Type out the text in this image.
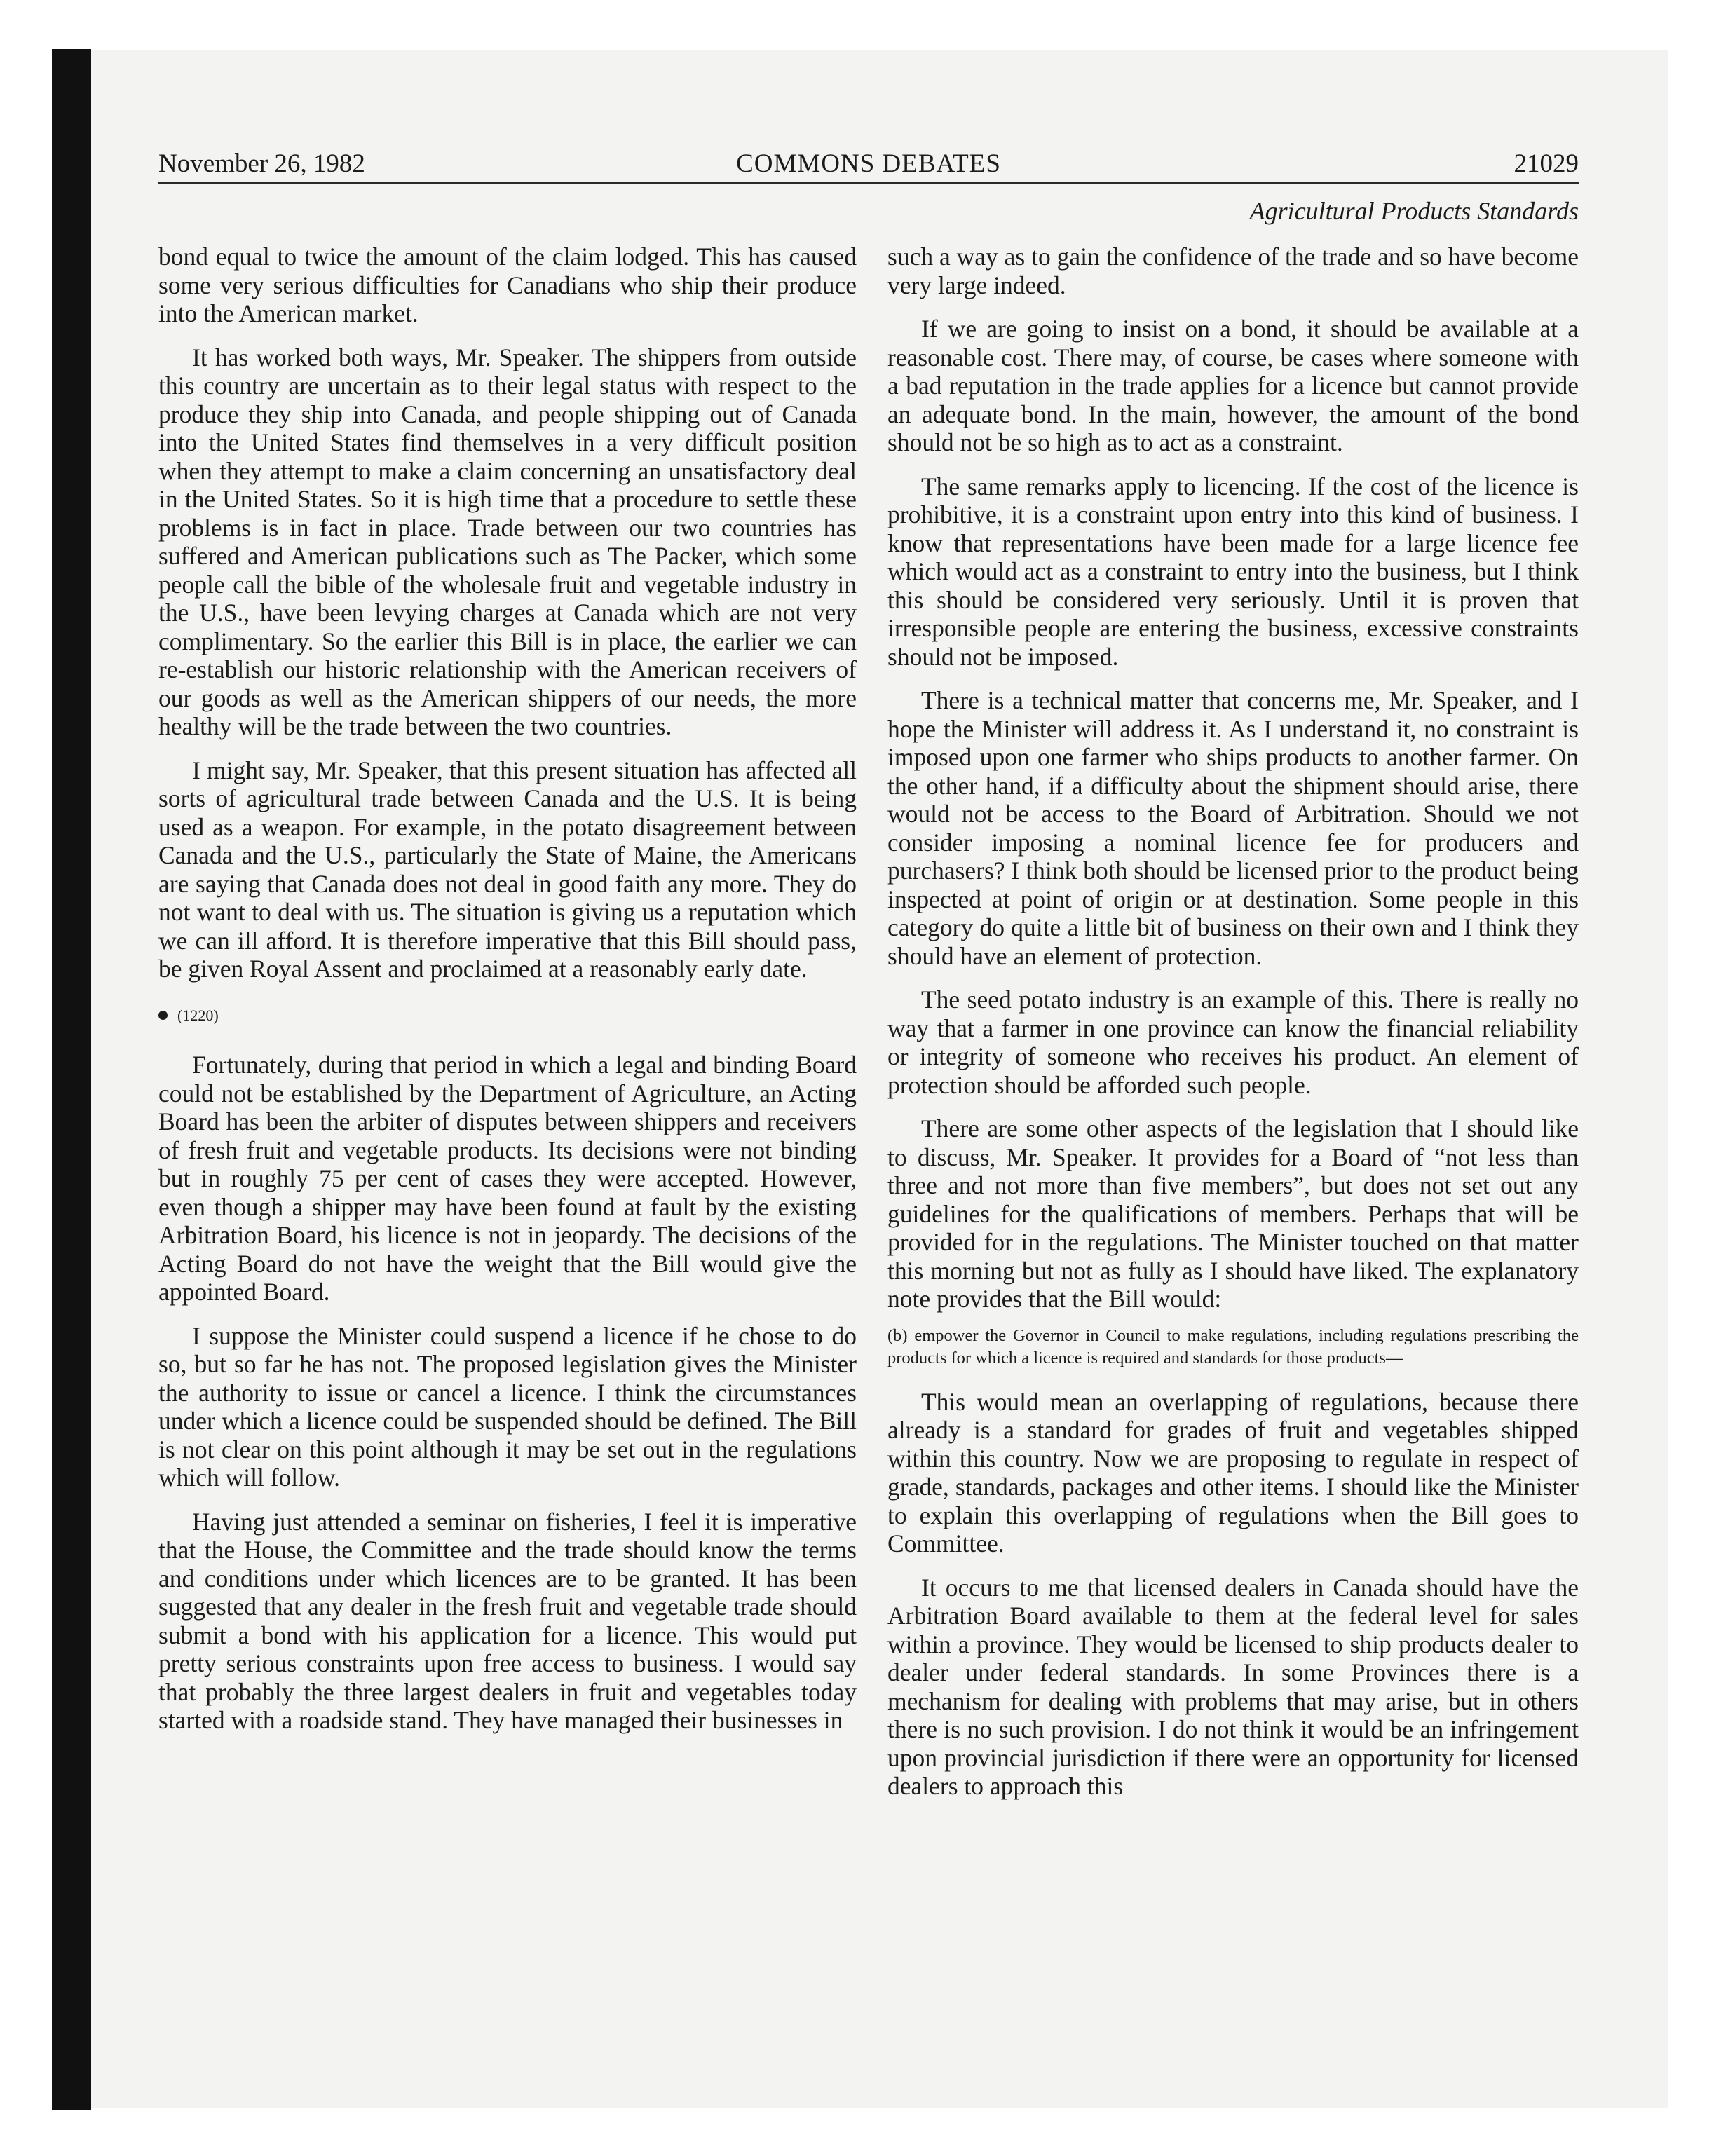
November 26, 1982	COMMONS DEBATES	21029
Agricultural Products Standards

bond equal to twice the amount of the claim lodged. This has caused some very serious difficulties for Canadians who ship their produce into the American market.

It has worked both ways, Mr. Speaker. The shippers from outside this country are uncertain as to their legal status with respect to the produce they ship into Canada, and people shipping out of Canada into the United States find themselves in a very difficult position when they attempt to make a claim concerning an unsatisfactory deal in the United States. So it is high time that a procedure to settle these problems is in fact in place. Trade between our two countries has suffered and American publications such as The Packer, which some people call the bible of the wholesale fruit and vegetable industry in the U.S., have been levying charges at Canada which are not very complimentary. So the earlier this Bill is in place, the earlier we can re-establish our historic relationship with the American receivers of our goods as well as the American shippers of our needs, the more healthy will be the trade between the two countries.

I might say, Mr. Speaker, that this present situation has affected all sorts of agricultural trade between Canada and the U.S. It is being used as a weapon. For example, in the potato disagreement between Canada and the U.S., particularly the State of Maine, the Americans are saying that Canada does not deal in good faith any more. They do not want to deal with us. The situation is giving us a reputation which we can ill afford. It is therefore imperative that this Bill should pass, be given Royal Assent and proclaimed at a reasonably early date.

(1220)

Fortunately, during that period in which a legal and binding Board could not be established by the Department of Agriculture, an Acting Board has been the arbiter of disputes between shippers and receivers of fresh fruit and vegetable products. Its decisions were not binding but in roughly 75 per cent of cases they were accepted. However, even though a shipper may have been found at fault by the existing Arbitration Board, his licence is not in jeopardy. The decisions of the Acting Board do not have the weight that the Bill would give the appointed Board.

I suppose the Minister could suspend a licence if he chose to do so, but so far he has not. The proposed legislation gives the Minister the authority to issue or cancel a licence. I think the circumstances under which a licence could be suspended should be defined. The Bill is not clear on this point although it may be set out in the regulations which will follow.

Having just attended a seminar on fisheries, I feel it is imperative that the House, the Committee and the trade should know the terms and conditions under which licences are to be granted. It has been suggested that any dealer in the fresh fruit and vegetable trade should submit a bond with his application for a licence. This would put pretty serious constraints upon free access to business. I would say that probably the three largest dealers in fruit and vegetables today started with a roadside stand. They have managed their businesses in

such a way as to gain the confidence of the trade and so have become very large indeed.

If we are going to insist on a bond, it should be available at a reasonable cost. There may, of course, be cases where someone with a bad reputation in the trade applies for a licence but cannot provide an adequate bond. In the main, however, the amount of the bond should not be so high as to act as a constraint.

The same remarks apply to licencing. If the cost of the licence is prohibitive, it is a constraint upon entry into this kind of business. I know that representations have been made for a large licence fee which would act as a constraint to entry into the business, but I think this should be considered very seriously. Until it is proven that irresponsible people are entering the business, excessive constraints should not be imposed.

There is a technical matter that concerns me, Mr. Speaker, and I hope the Minister will address it. As I understand it, no constraint is imposed upon one farmer who ships products to another farmer. On the other hand, if a difficulty about the shipment should arise, there would not be access to the Board of Arbitration. Should we not consider imposing a nominal licence fee for producers and purchasers? I think both should be licensed prior to the product being inspected at point of origin or at destination. Some people in this category do quite a little bit of business on their own and I think they should have an element of protection.

The seed potato industry is an example of this. There is really no way that a farmer in one province can know the financial reliability or integrity of someone who receives his product. An element of protection should be afforded such people.

There are some other aspects of the legislation that I should like to discuss, Mr. Speaker. It provides for a Board of “not less than three and not more than five members”, but does not set out any guidelines for the qualifications of members. Perhaps that will be provided for in the regulations. The Minister touched on that matter this morning but not as fully as I should have liked. The explanatory note provides that the Bill would:

(b) empower the Governor in Council to make regulations, including regulations prescribing the products for which a licence is required and standards for those products—

This would mean an overlapping of regulations, because there already is a standard for grades of fruit and vegetables shipped within this country. Now we are proposing to regulate in respect of grade, standards, packages and other items. I should like the Minister to explain this overlapping of regulations when the Bill goes to Committee.

It occurs to me that licensed dealers in Canada should have the Arbitration Board available to them at the federal level for sales within a province. They would be licensed to ship products dealer to dealer under federal standards. In some Provinces there is a mechanism for dealing with problems that may arise, but in others there is no such provision. I do not think it would be an infringement upon provincial jurisdiction if there were an opportunity for licensed dealers to approach this
